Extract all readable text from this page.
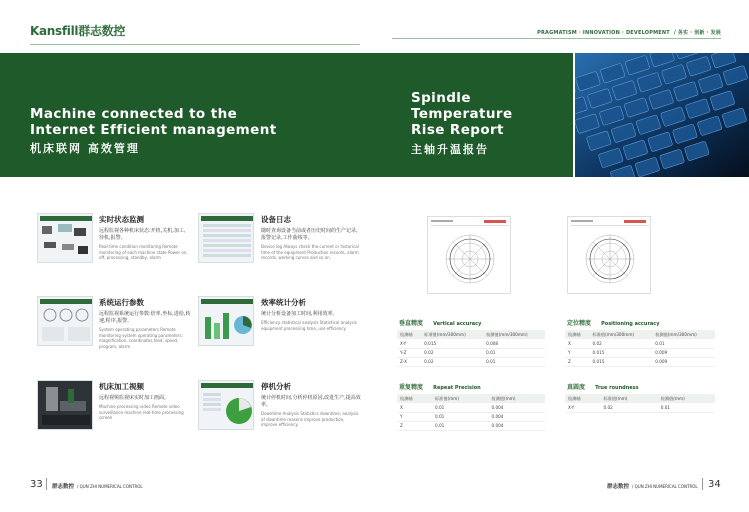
Kansfill群志数控	PRAGMATISM · INNOVATION · DEVELOPMENT / 务实 · 创新 · 发展
Machine connected to the
Internet Efficient management
机床联网 高效管理
Spindle
Temperature
Rise Report
主轴升温报告
实时状态监测
远程监视各种机床状态:开机,关机,加工,待机,报警。
Real-time condition monitoring Remote monitoring of each machine state Power on, off, processing, standby, alarm
设备日志
随时查询设备当前或者历史时间的生产记录,报警记录,工作曲线等。
Device log Always check the current or historical time of the equipment Production records, alarm records, working curves and so on.
系统运行参数
远程监视系统运行参数:倍率,坐标,进给,转速,程序,报警。
System operating parameters Remote monitoring system operating parameters: magnification, coordinates,feed, speed, program, alarm
效率统计分析
统计分析设备加工时间,利用效率。
Efficiency statistical analysis Statistical analysis equipment processing time, use efficiency
机床加工视频
远程视频监视床实时加工画面。
Machine processing video Remote video surveillance machine real-time processing screen
停机分析
统计停机时间,分析停机原因,改进生产,提高效率。
Downtime Analysis Statistics downtime, analysis of downtime reasons improve production, improve efficiency.
垂直精度 Vertical accuracy
检测轴	标准值(mm/300mm)	检测值(mm/300mm)
X-Y	0.015	0.008
Y-Z	0.02	0.01
Z-X	0.02	0.01
定位精度 Positioning accuracy
检测轴	标准值(mm/300mm)	检测值(mm/300mm)
X	0.02	0.01
Y	0.015	0.009
Z	0.015	0.009
重复精度 Repeat Precision
检测轴	标准值(mm)	检测值(mm)
X	0.01	0.004
Y	0.01	0.004
Z	0.01	0.004
真圆度 True roundness
检测轴	标准值(mm)	检测值(mm)
X-Y	0.02	0.01
33 群志数控 / QUN ZHI NUMERICAL CONTROL	群志数控 / QUN ZHI NUMERICAL CONTROL 34
